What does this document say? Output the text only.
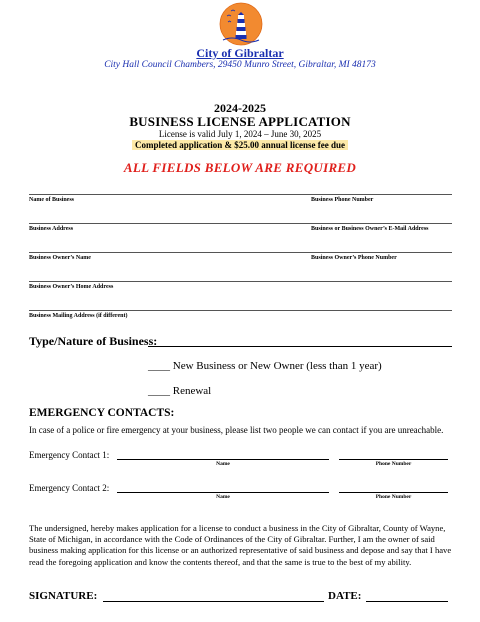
City of Gibraltar
City Hall Council Chambers, 29450 Munro Street, Gibraltar, MI 48173
2024-2025
BUSINESS LICENSE APPLICATION
License is valid July 1, 2024 – June 30, 2025
Completed application & $25.00 annual license fee due
ALL FIELDS BELOW ARE REQUIRED
Name of Business	Business Phone Number
Business Address	Business or Business Owner’s E-Mail Address
Business Owner’s Name	Business Owner’s Phone Number
Business Owner’s Home Address
Business Mailing Address (if different)
Type/Nature of Business:
____ New Business or New Owner (less than 1 year)
____ Renewal
EMERGENCY CONTACTS:
In case of a police or fire emergency at your business, please list two people we can contact if you are unreachable.
Emergency Contact 1:
Name	Phone Number
Emergency Contact 2:
Name	Phone Number
The undersigned, hereby makes application for a license to conduct a business in the City of Gibraltar, County of Wayne, State of Michigan, in accordance with the Code of Ordinances of the City of Gibraltar. Further, I am the owner of said business making application for this license or an authorized representative of said business and depose and say that I have read the foregoing application and know the contents thereof, and that the same is true to the best of my ability.
SIGNATURE:	DATE:
